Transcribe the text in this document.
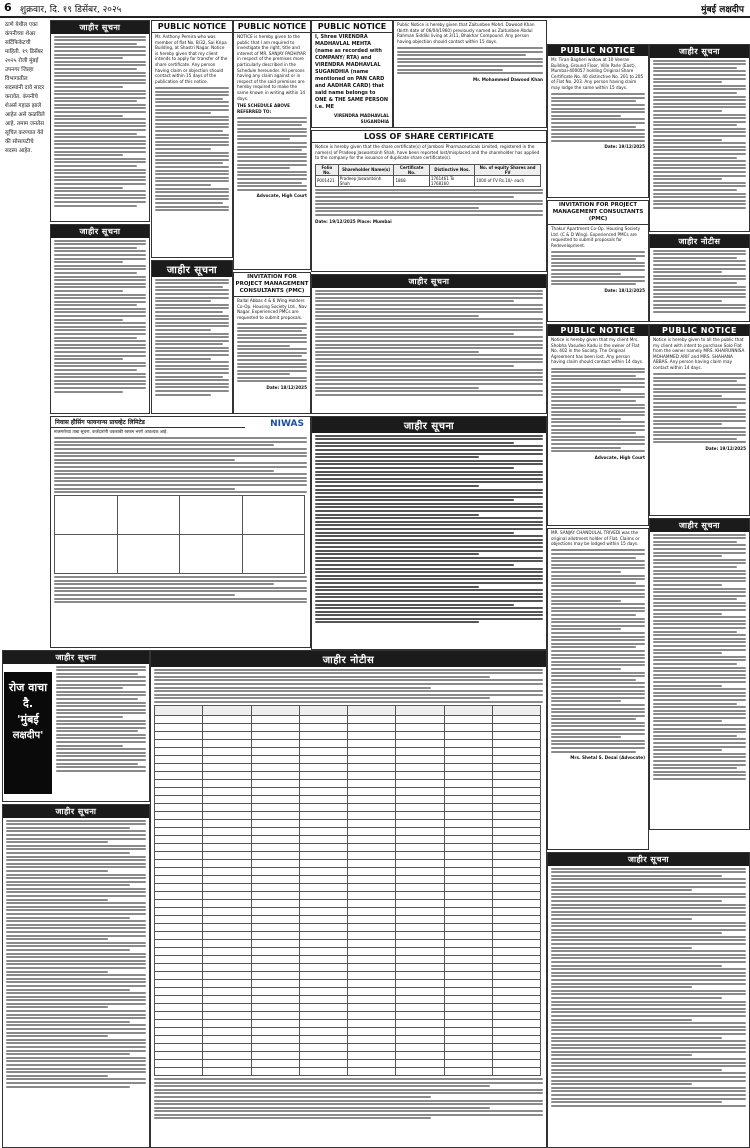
6 शुक्रवार, दि. १९ डिसेंबर, २०२५	मुंबई लक्षदीप
ठाणे येथील एका कंपनीच्या शेअर सर्टिफिकेटची माहिती. १९ डिसेंबर २०२५ रोजी मुंबई उपनगर जिल्हा विभागातील सदस्यांनी दावे सादर करावेत. कंपनीचे शेअर्स गहाळ झाले आहेत असे कळविले आहे. तमाम जनतेस सूचित करण्यात येते की सोसायटीचे सदस्य आहेत.
जाहीर सूचना
जाहीर सूचना
PUBLIC NOTICE
Mr. Anthony Pereira who was member of flat No. B/32, Sai Kripa Building, at Shastri Nagar. Notice is hereby given that my client intends to apply for transfer of the share certificate. Any person having claim or objection should contact within 15 days of the publication of this notice.
जाहीर सूचना
PUBLIC NOTICE
NOTICE is hereby given to the public that I am required to investigate the right, title and interest of MR. SANJAY PADHIYAR in respect of the premises more particularly described in the Schedule hereunder. All persons having any claim against or in respect of the said premises are hereby required to make the same known in writing within 14 days.
THE SCHEDULE ABOVE REFERRED TO:
Advocate, High Court
INVITATION FOR PROJECT MANAGEMENT CONSULTANTS (PMC)
Ballal Abbas 4 & 6 Wing Holders Co-Op. Housing Society Ltd., Nav Nagar. Experienced PMCs are requested to submit proposals.
Date: 18/12/2025
PUBLIC NOTICE
I, Shree VIRENDRA MADHAVLAL MEHTA (name as recorded with COMPANY/ RTA) and VIRENDRA MADHAVLAL SUGANDHIA (name mentioned on PAN CARD and AADHAR CARD) that said name belongs to ONE & THE SAME PERSON i.e. ME
VIRENDRA MADHAVLAL SUGANDHIA
Public Notice is hereby given that Zaitunbee Mohd. Dawood Khan (birth date of 06/04/1960) previously named as Zaitunbee Abdul Rahman Siddiki living at 3/11, Bhakhar Compound. Any person having objection should contact within 15 days.
Mr. Mohammed Dawood Khan
LOSS OF SHARE CERTIFICATE
Notice is hereby given that the share certificate(s) of Jamboni Pharmaceuticals Limited, registered in the name(s) of Pradeep Jaswantsinh Shah, have been reported lost/misplaced and the shareholder has applied to the company for the issuance of duplicate share certificate(s).
Folio No.	Shareholder Name(s)	Certificate No.	Distinctive Nos.	No. of equity Shares and FV
P001421	Pradeep Jaswantsinh Shah	1868	1761461 To 1768160	1000 of FV Rs.10/- each
Date: 19/12/2025 Place: Mumbai
जाहीर सूचना
PUBLIC NOTICE
Mr. Tiran Bagheri widow at 10 Veeran Building, Ground Floor, Ville Parle (East), Mumbai-400057 holding Original Share Certificate No. 40 distinctive No. 201 to 205 of Flat No. 203. Any person having claim may lodge the same within 15 days.
Date: 19/12/2025
जाहीर सूचना
INVITATION FOR PROJECT MANAGEMENT CONSULTANTS (PMC)
Thakur Apartment Co-Op. Housing Society Ltd. (C & D Wing). Experienced PMCs are requested to submit proposals for Redevelopment.
Date: 18/12/2025
जाहीर नोटीस
PUBLIC NOTICE
Notice is hereby given to all the public that my client with intent to purchase Solo Flat from the owner namely MRS. KHAIRUNNISA MOHAMMED ARIF and MRS. SHAHANA ABBAS. Any person having claim may contact within 14 days.
Date: 19/12/2025
PUBLIC NOTICE
Notice is hereby given that my client Mrs. Shobha Vasudeo Kadu is the owner of Flat No. 402 in the Society. The Original Agreement has been lost. Any person having claim should contact within 14 days.
Advocate, High Court
निवास हौसिंग फायनान्स प्रायव्हेट लिमिटेड	NIWAS
मालमत्तेच्या ताबा सूचना. कर्जदारांनी थकबाकी रक्कम भरणे आवश्यक आहे.

				जाहीर सूचना
MR. SANJAY CHANDULAL TRIVEDI was the original allotment holder of Flat. Claims or objections may be lodged within 15 days.
Mrs. Shetal S. Desai (Advocate)
जाहीर सूचना
जाहीर सूचना
जाहीर सूचना
रोज वाचा
दै.
'मुंबई
लक्षदीप'
जाहीर सूचना
जाहीर नोटीस
